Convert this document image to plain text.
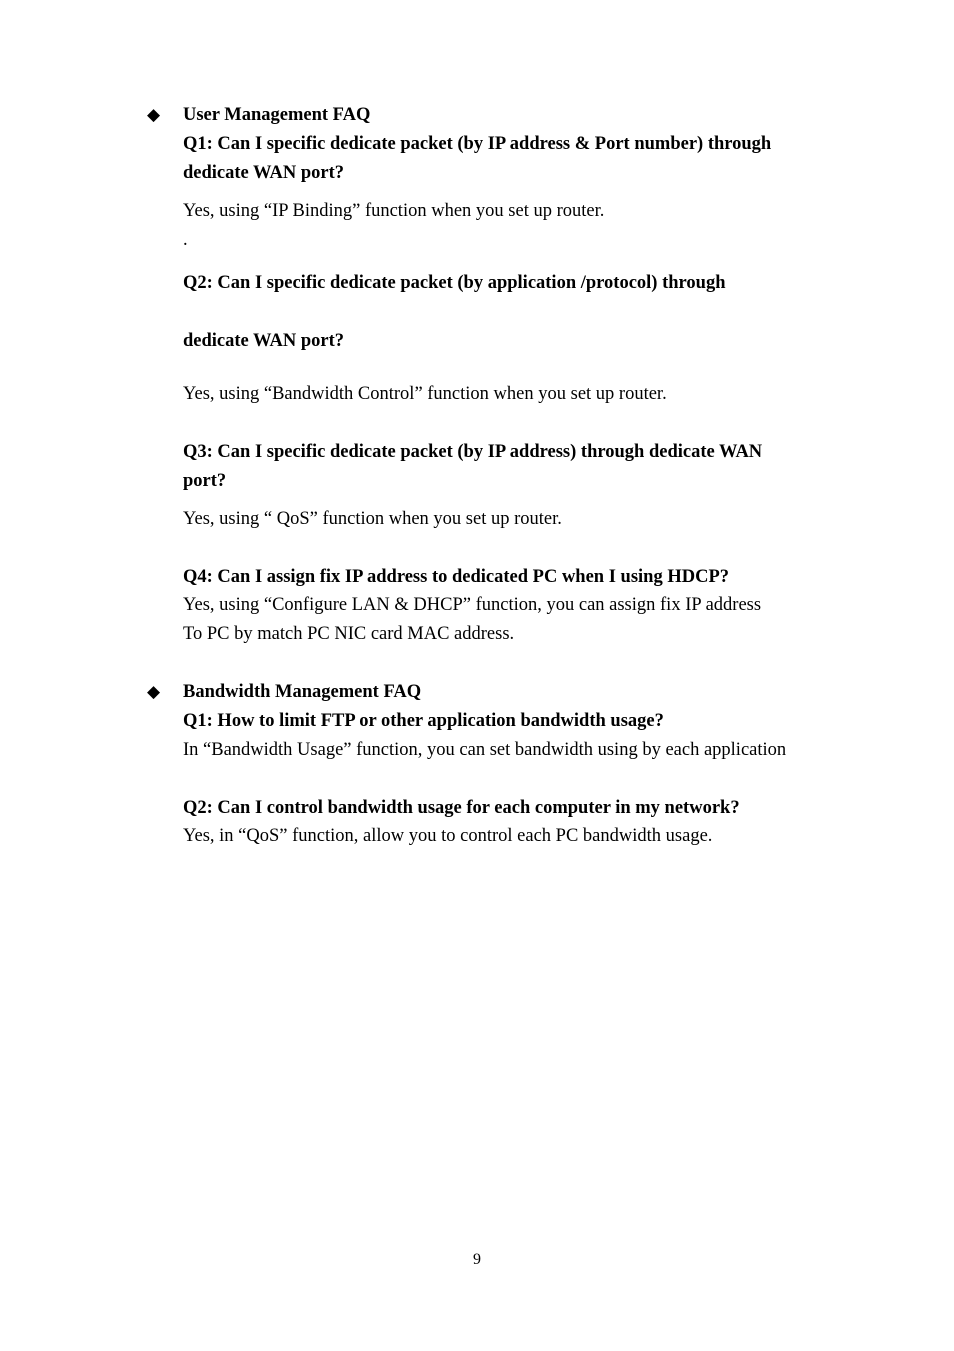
◆ User Management FAQ
Q1: Can I specific dedicate packet (by IP address & Port number) through
dedicate WAN port?
Yes, using “IP Binding” function when you set up router.
.
Q2: Can I specific dedicate packet (by application /protocol) through
dedicate WAN port?
Yes, using “Bandwidth Control” function when you set up router.
Q3: Can I specific dedicate packet (by IP address) through dedicate WAN
port?
Yes, using “ QoS” function when you set up router.
Q4: Can I assign fix IP address to dedicated PC when I using HDCP?
Yes, using “Configure LAN & DHCP” function, you can assign fix IP address
To PC by match PC NIC card MAC address.
◆ Bandwidth Management FAQ
Q1: How to limit FTP or other application bandwidth usage?
In “Bandwidth Usage” function, you can set bandwidth using by each application
Q2: Can I control bandwidth usage for each computer in my network?
Yes, in “QoS” function, allow you to control each PC bandwidth usage.
9
